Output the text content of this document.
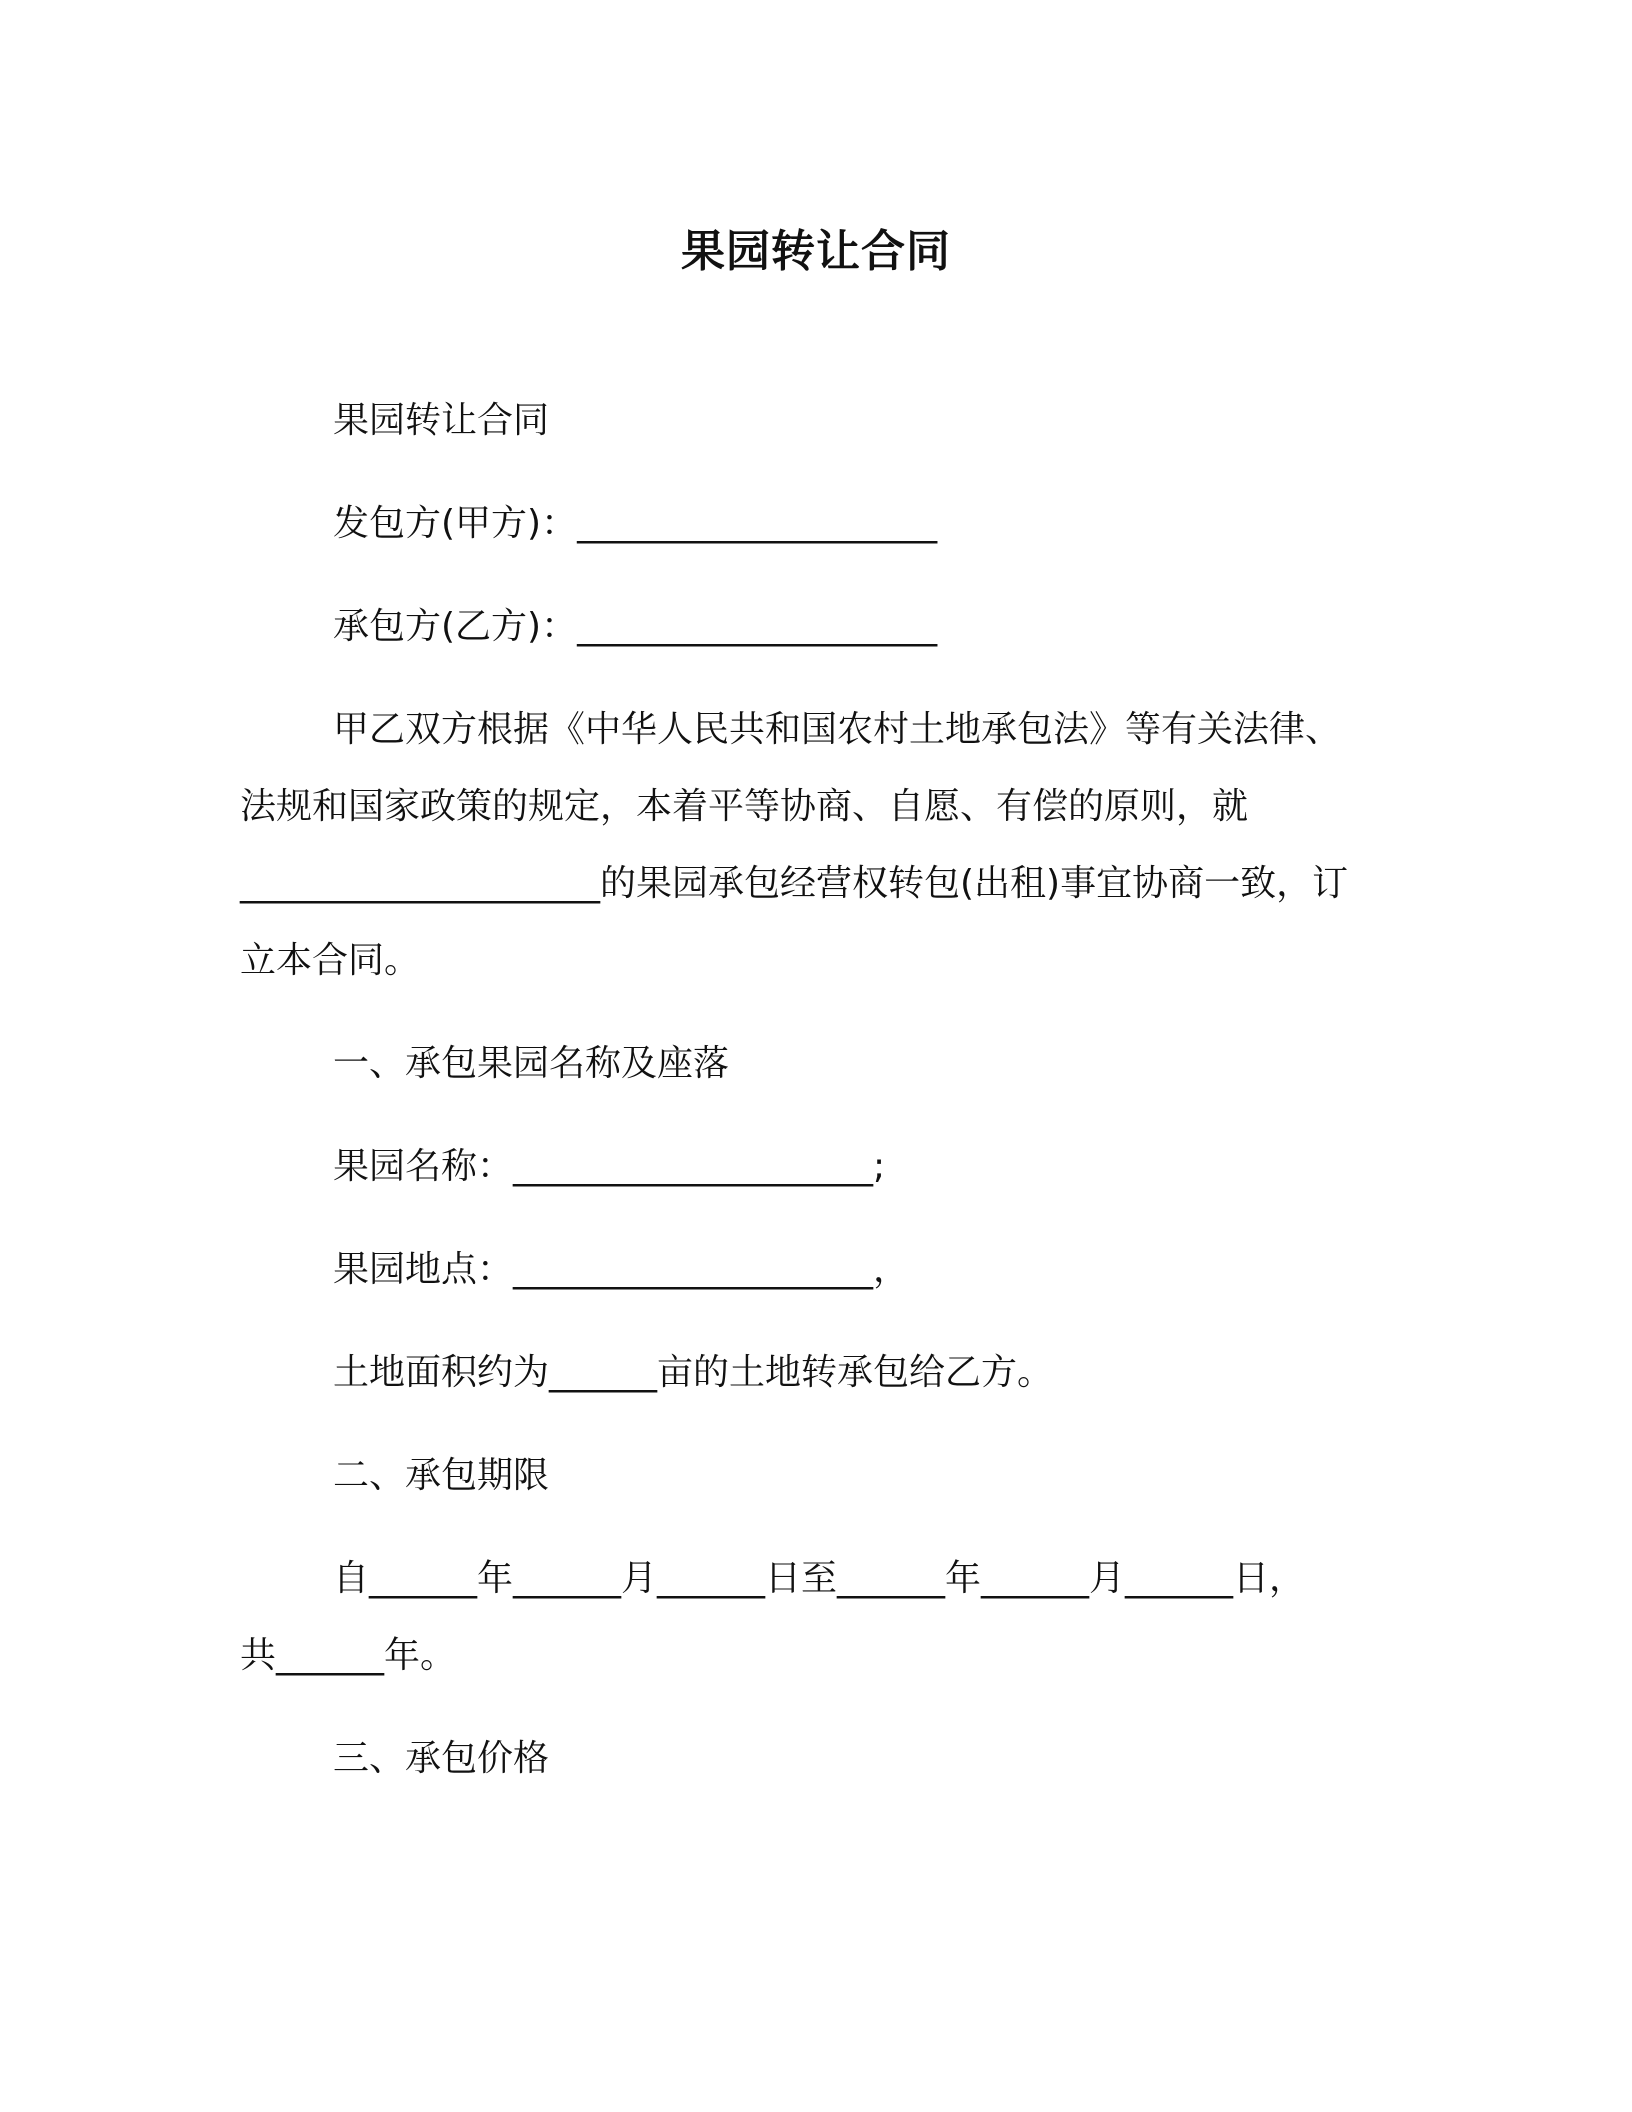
果园转让合同
果园转让合同
发包方(甲方)：____________________
承包方(乙方)：____________________
甲乙双方根据《中华人民共和国农村土地承包法》等有关法律、
法规和国家政策的规定，本着平等协商、自愿、有偿的原则，就
____________________的果园承包经营权转包(出租)事宜协商一致，订
立本合同。
一、承包果园名称及座落
果园名称：____________________;
果园地点：____________________，
土地面积约为______亩的土地转承包给乙方。
二、承包期限
自______年______月______日至______年______月______日，
共______年。
三、承包价格
